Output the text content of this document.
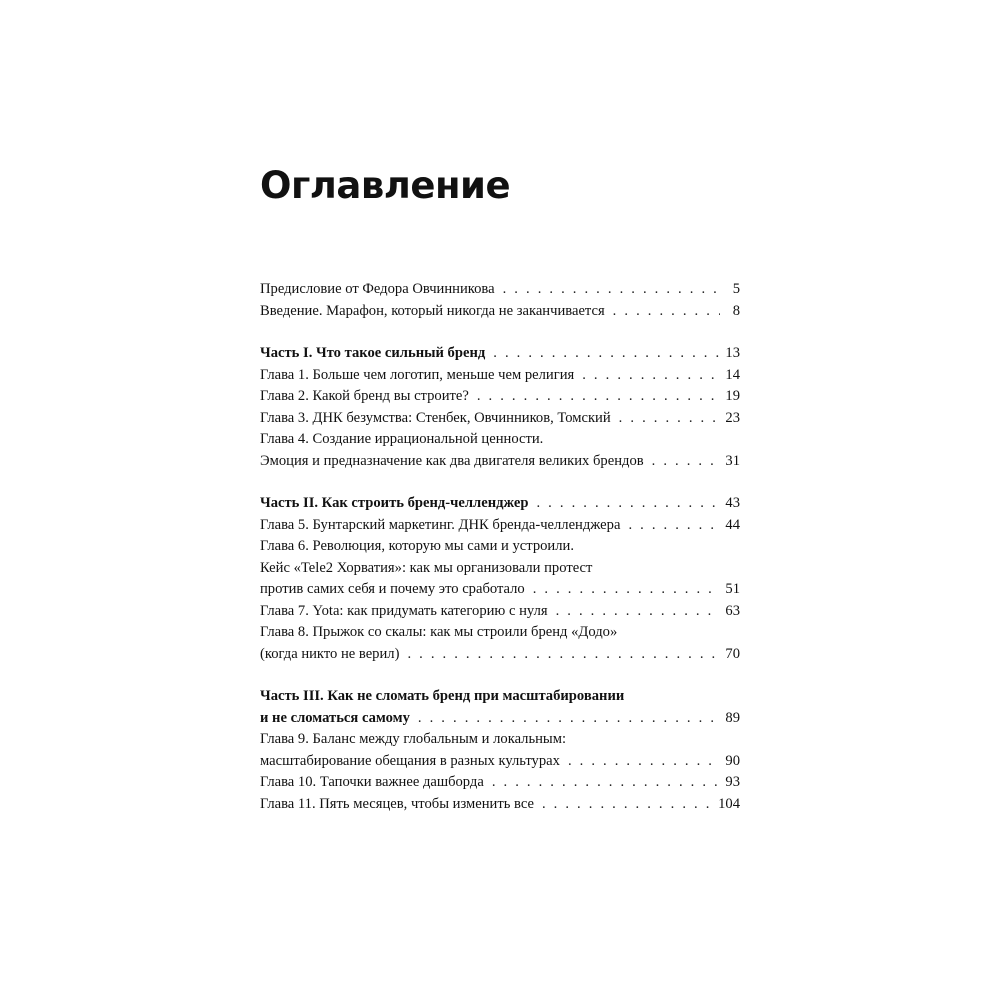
Оглавление
Предисловие от Федора Овчинникова . . .	5
Введение. Марафон, который никогда не заканчивается . . .	8
Часть I. Что такое сильный бренд . . .	13
Глава 1. Больше чем логотип, меньше чем религия . . .	14
Глава 2. Какой бренд вы строите? . . .	19
Глава 3. ДНК безумства: Стенбек, Овчинников, Томский . . .	23
Глава 4. Создание иррациональной ценности.
Эмоция и предназначение как два двигателя великих брендов . . .	31
Часть II. Как строить бренд-челленджер . . .	43
Глава 5. Бунтарский маркетинг. ДНК бренда-челленджера . . .	44
Глава 6. Революция, которую мы сами и устроили.
Кейс «Tele2 Хорватия»: как мы организовали протест
против самих себя и почему это сработало . . .	51
Глава 7. Yota: как придумать категорию с нуля . . .	63
Глава 8. Прыжок со скалы: как мы строили бренд «Додо»
(когда никто не верил) . . .	70
Часть III. Как не сломать бренд при масштабировании
и не сломаться самому . . .	89
Глава 9. Баланс между глобальным и локальным:
масштабирование обещания в разных культурах . . .	90
Глава 10. Тапочки важнее дашборда . . .	93
Глава 11. Пять месяцев, чтобы изменить все . . .	104
